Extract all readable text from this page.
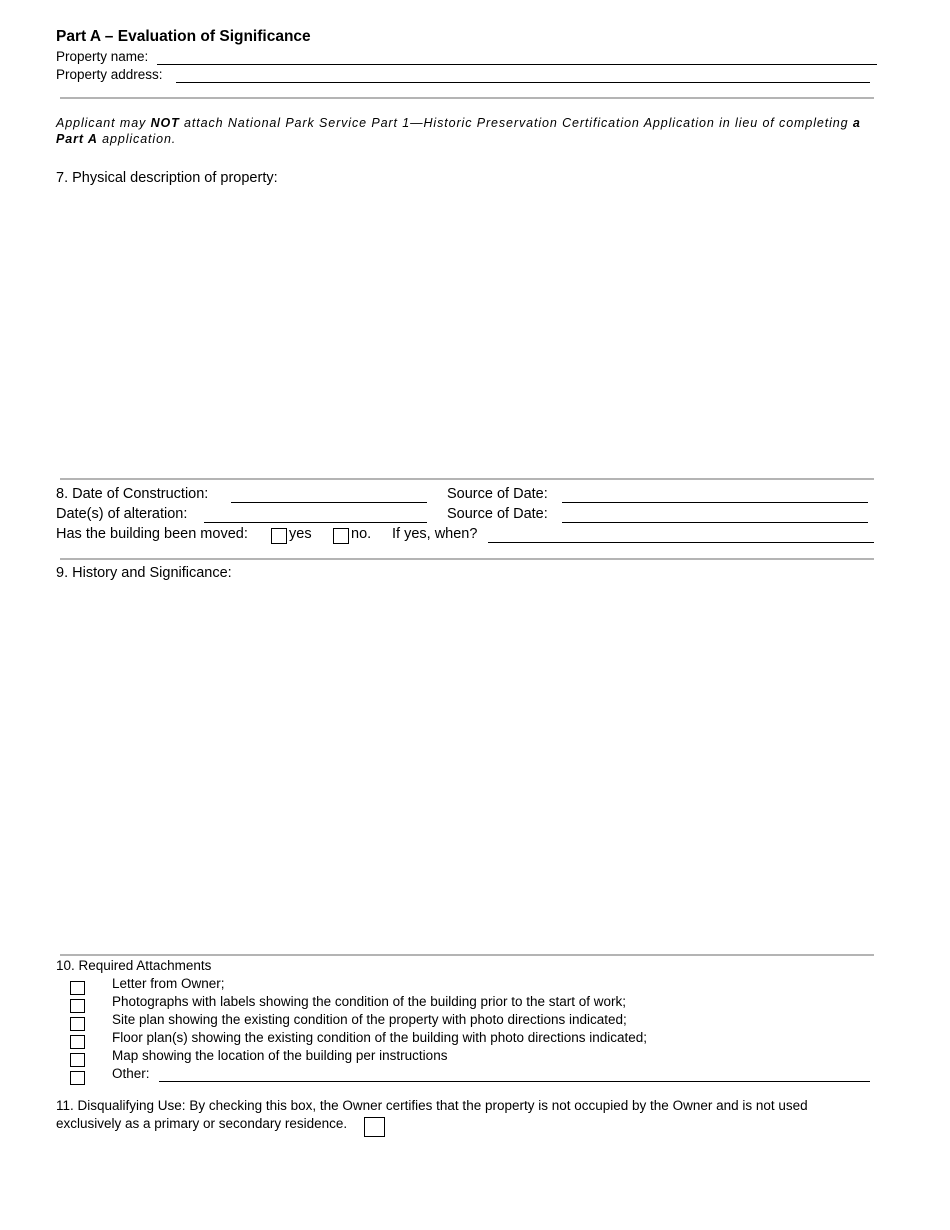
Part A – Evaluation of Significance
Property name:
Property address:
Applicant may NOT attach National Park Service Part 1—Historic Preservation Certification Application in lieu of completing a Part A application.
7. Physical description of property:
8. Date of Construction:	Source of Date:
Date(s) of alteration:	Source of Date:
Has the building been moved:	yes	no. If yes, when?
9. History and Significance:
10. Required Attachments
Letter from Owner;
Photographs with labels showing the condition of the building prior to the start of work;
Site plan showing the existing condition of the property with photo directions indicated;
Floor plan(s) showing the existing condition of the building with photo directions indicated;
Map showing the location of the building per instructions
Other:
11. Disqualifying Use: By checking this box, the Owner certifies that the property is not occupied by the Owner and is not used
exclusively as a primary or secondary residence.
